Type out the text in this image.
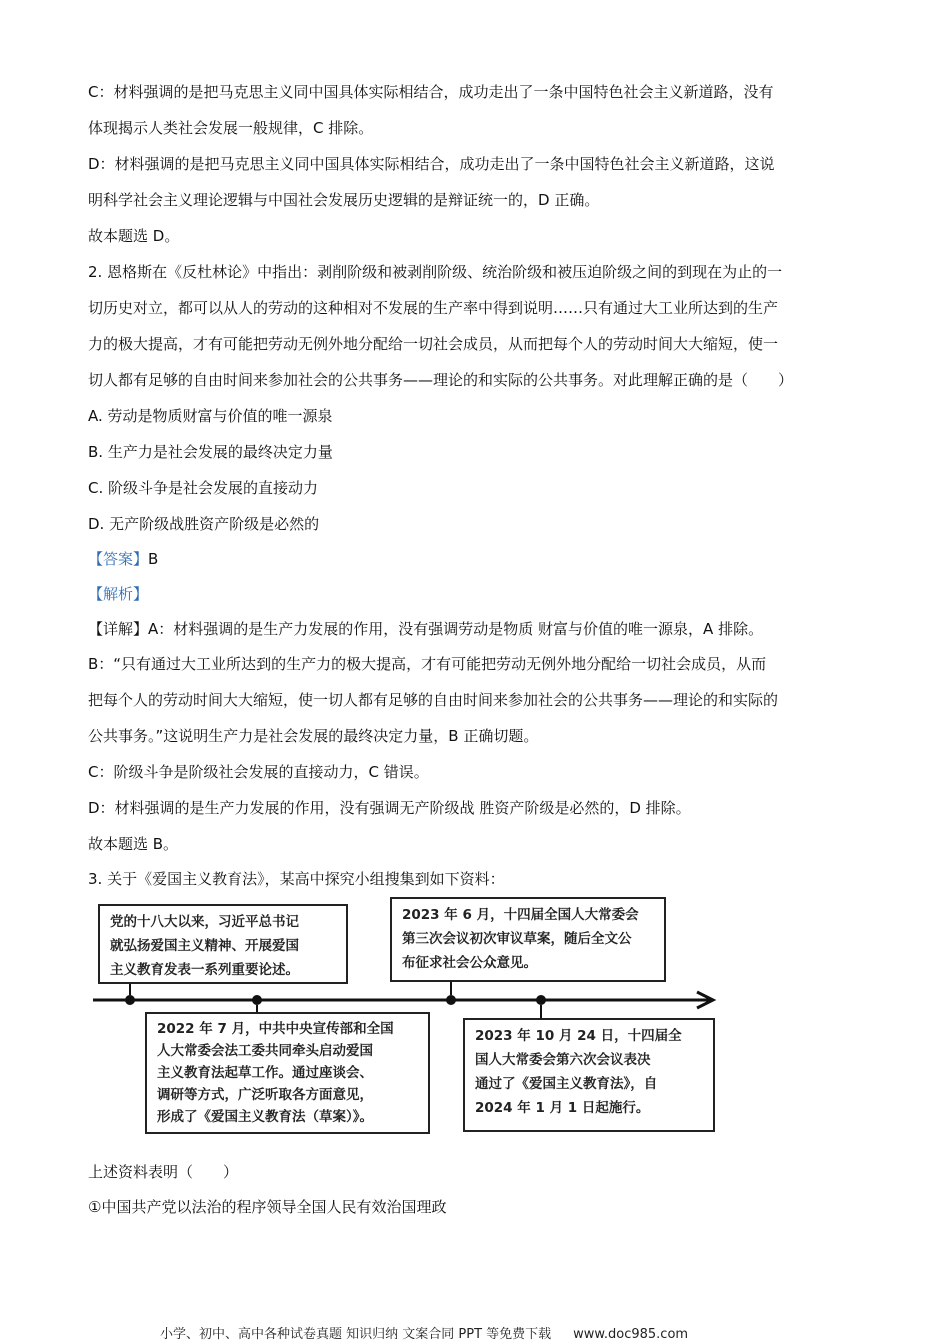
C：材料强调的是把马克思主义同中国具体实际相结合，成功走出了一条中国特色社会主义新道路，没有
体现揭示人类社会发展一般规律，C 排除。
D：材料强调的是把马克思主义同中国具体实际相结合，成功走出了一条中国特色社会主义新道路，这说
明科学社会主义理论逻辑与中国社会发展历史逻辑的是辩证统一的，D 正确。
故本题选 D。
2. 恩格斯在《反杜林论》中指出：剥削阶级和被剥削阶级、统治阶级和被压迫阶级之间的到现在为止的一
切历史对立，都可以从人的劳动的这种相对不发展的生产率中得到说明……只有通过大工业所达到的生产
力的极大提高，才有可能把劳动无例外地分配给一切社会成员，从而把每个人的劳动时间大大缩短，使一
切人都有足够的自由时间来参加社会的公共事务——理论的和实际的公共事务。对此理解正确的是（　　）
A. 劳动是物质财富与价值的唯一源泉
B. 生产力是社会发展的最终决定力量
C. 阶级斗争是社会发展的直接动力
D. 无产阶级战胜资产阶级是必然的
【答案】B
【解析】
【详解】A：材料强调的是生产力发展的作用，没有强调劳动是物质 财富与价值的唯一源泉，A 排除。
B：“只有通过大工业所达到的生产力的极大提高，才有可能把劳动无例外地分配给一切社会成员，从而
把每个人的劳动时间大大缩短，使一切人都有足够的自由时间来参加社会的公共事务——理论的和实际的
公共事务。”这说明生产力是社会发展的最终决定力量，B 正确切题。
C：阶级斗争是阶级社会发展的直接动力，C 错误。
D：材料强调的是生产力发展的作用，没有强调无产阶级战 胜资产阶级是必然的，D 排除。
故本题选 B。
3. 关于《爱国主义教育法》，某高中探究小组搜集到如下资料：
党的十八大以来，习近平总书记
就弘扬爱国主义精神、开展爱国
主义教育发表一系列重要论述。
2023 年 6 月，十四届全国人大常委会
第三次会议初次审议草案，随后全文公
布征求社会公众意见。
2022 年 7 月，中共中央宣传部和全国
人大常委会法工委共同牵头启动爱国
主义教育法起草工作。通过座谈会、
调研等方式，广泛听取各方面意见，
形成了《爱国主义教育法（草案）》。
2023 年 10 月 24 日，十四届全
国人大常委会第六次会议表决
通过了《爱国主义教育法》，自
2024 年 1 月 1 日起施行。
上述资料表明（　　）
①中国共产党以法治的程序领导全国人民有效治国理政
小学、初中、高中各种试卷真题 知识归纳 文案合同 PPT 等免费下载 www.doc985.com
